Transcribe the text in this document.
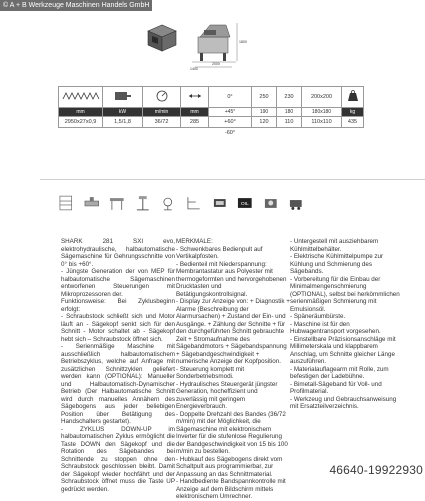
© A + B Werkzeuge Maschinen Handels GmbH
1800
2000
1400
				0°	250	230	200x200	
mm	kW	m/min	mm	+45°	190	180	180x180	kg
2950x27x0,9	1,5/1,8	36/72	285	+60°	120	110	110x110	435
				-60°				
OIL

SHARK 281 SXI evo, elektrohydraulische, halbautomatische Sägemaschine für Gehrungsschnitte von 0° bis +60°.
- Jüngste Generation der von MEP für halbautomatische Sägemaschinen entworfenen Steuerungen mit Mikroprozessoren der.
Funktionsweise: Bei Zyklusbeginn erfolgt:
- Schraubstock schließt sich und Motor läuft an - Sägekopf senkt sich für den Schnitt - Motor schaltet ab - Sägekopf hebt sich – Schraubstock öffnet sich.
- Serienmäßige Maschine mit ausschließlich halbautomatischem Betriebszyklus, welche auf Anfrage mit zusätzlichen Schnittzyklen geliefert werden kann (OPTIONAL): Manueller und Halbautomatisch-Dynamischer Betrieb (Der Halbautomatische Schnitt wird durch manuelles Annähern des Sägebogens aus jeder beliebigen Position über Betätigung des Handschalters gestartet).
- ZYKLUS DOWN-UP im halbautomatischen Zyklus ermöglicht die Taste DOWN den Sägekopf und die Rotation des Sägebandes bei Schnittende zu stoppen ohne den Schraubstock geschlossen bleibt. Damit der Sägekopf wieder hochfährt und der Schraubstock öffnet muss die Taste UP gedrückt werden.

MERKMALE:
- Schwenkbares Bedienpult auf Vertikalpfosten.
- Bedienteil mit Niederspannung: Membrantastatur aus Polyester mit thermogeformten und hervorgehobenen Drucktasten und Betätigungskontrollsignal.
- Display zur Anzeige von: + Diagnostik + Alarme (Beschreibung der Alarmursachen) + Zustand der Ein- und Ausgänge. + Zählung der Schnitte + für den durchgeführten Schnitt gebrauchte Zeit + Stromaufnahme des Sägebandmotors + Sägebandspannung + Sägebandgeschwindigkeit + numerische Anzeige der Kopfposition.
- Steuerung komplett mit Sonderbetriebsmodi.
- Hydraulisches Steuergerät jüngster Generation, hocheffizient und zuverlässig mit geringem Energieverbrauch.
- Doppelte Drehzahl des Bandes (36/72 m/min) mit der Möglichkeit, die Sägemaschine mit elektronischem Inverter für die stufenlose Regulierung der Bandgeschwindigkeit von 15 bis 100 m/min zu bestellen.
- Hubkauf des Sägebogens direkt vom Schaltpult aus programmierbar, zur Anpassung an das Schnittmaterial.
- Handbediente Bandspannkontrolle mit Anzeige auf dem Bildschirm mittels elektronischem Umrechner.

- Untergestell mit ausziehbarem Kühlmittelbehälter.
- Elektrische Kühlmittelpumpe zur Kühlung und Schmierung des Sägebands.
- Vorbereitung für die Einbau der Minimalmengenschmierung (OPTIONAL), selbst bei herkömmlichen serienmäßigen Schmierung mit Emulsionsöl.
- Späneräumbürste.
- Maschine ist für den Hubwagentransport vorgesehen.
- Einstellbare Präzisionsanschläge mit Millimeterskala und klappbarem Anschlag, um Schnitte gleicher Länge auszuführen.
- Materialauflagearm mit Rolle, zum befestigen der Ladebühne.
- Bimetall-Sägeband für Voll- und Profilmaterial.
- Werkzeug und Gebrauchsanweisung mit Ersatzteilverzeichnis.

46640-19922930
